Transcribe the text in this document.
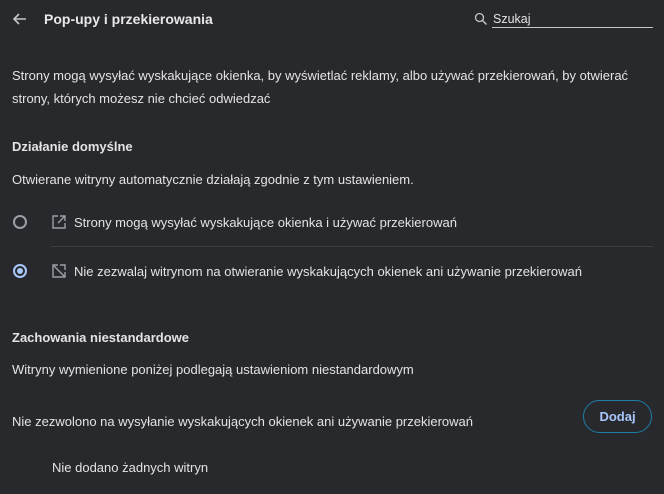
Pop-upy i przekierowania
Szukaj
Strony mogą wysyłać wyskakujące okienka, by wyświetlać reklamy, albo używać przekierowań, by otwierać strony, których możesz nie chcieć odwiedzać
Działanie domyślne
Otwierane witryny automatycznie działają zgodnie z tym ustawieniem.
Strony mogą wysyłać wyskakujące okienka i używać przekierowań
Nie zezwalaj witrynom na otwieranie wyskakujących okienek ani używanie przekierowań
Zachowania niestandardowe
Witryny wymienione poniżej podlegają ustawieniom niestandardowym
Nie zezwolono na wysyłanie wyskakujących okienek ani używanie przekierowań	Dodaj
Nie dodano żadnych witryn
